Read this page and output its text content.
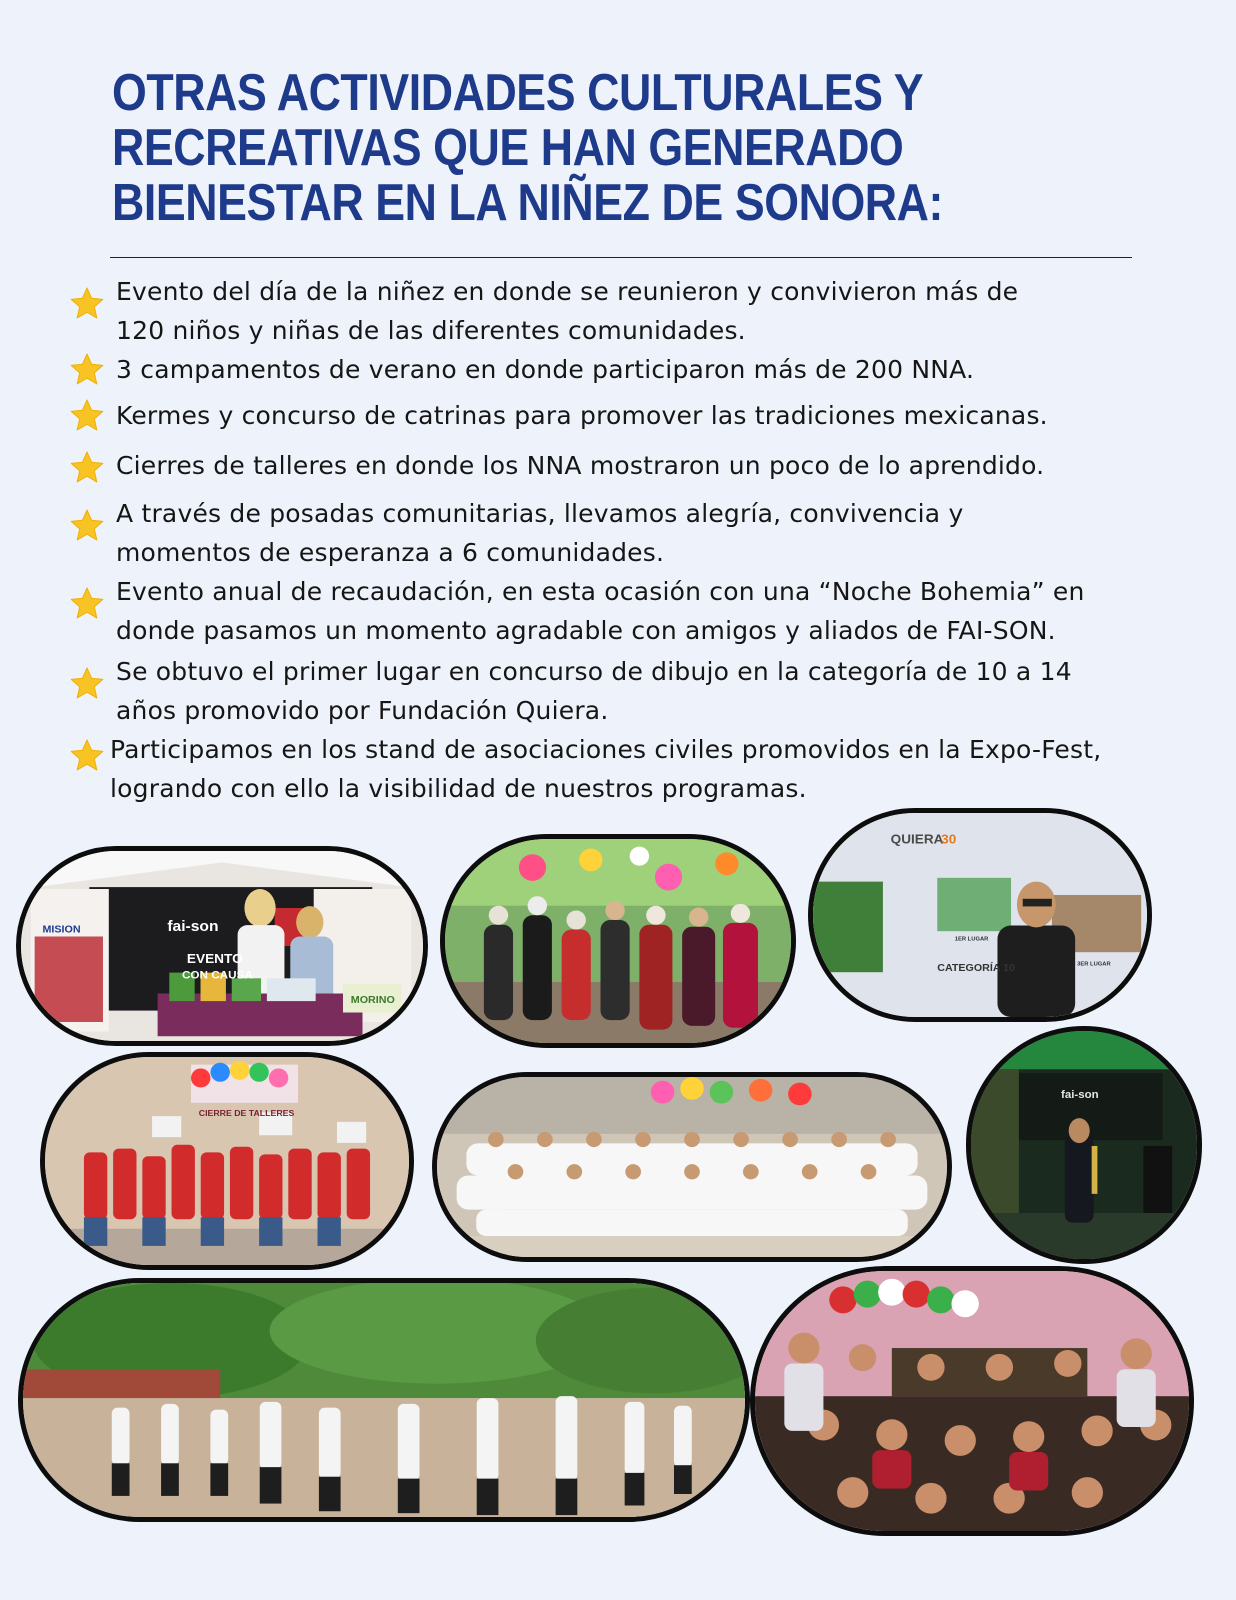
OTRAS ACTIVIDADES CULTURALES Y
RECREATIVAS QUE HAN GENERADO
BIENESTAR EN LA NIÑEZ DE SONORA:
Evento del día de la niñez en donde se reunieron y convivieron más de
120 niños y niñas de las diferentes comunidades.
3 campamentos de verano en donde participaron más de 200 NNA.
Kermes y concurso de catrinas para promover las tradiciones mexicanas.
Cierres de talleres en donde los NNA mostraron un poco de lo aprendido.
A través de posadas comunitarias, llevamos alegría, convivencia y
momentos de esperanza a 6 comunidades.
Evento anual de recaudación, en esta ocasión con una “Noche Bohemia” en
donde pasamos un momento agradable con amigos y aliados de FAI-SON.
Se obtuvo el primer lugar en concurso de dibujo en la categoría de 10 a 14
años promovido por Fundación Quiera.
Participamos en los stand de asociaciones civiles promovidos en la Expo-Fest,
logrando con ello la visibilidad de nuestros programas.
fai-son
EVENTO
CON CAUSA
MISION
MORINO
QUIERA
30
CATEGORÍA 10
1ER LUGAR
3ER LUGAR
CIERRE DE TALLERES
fai-son
